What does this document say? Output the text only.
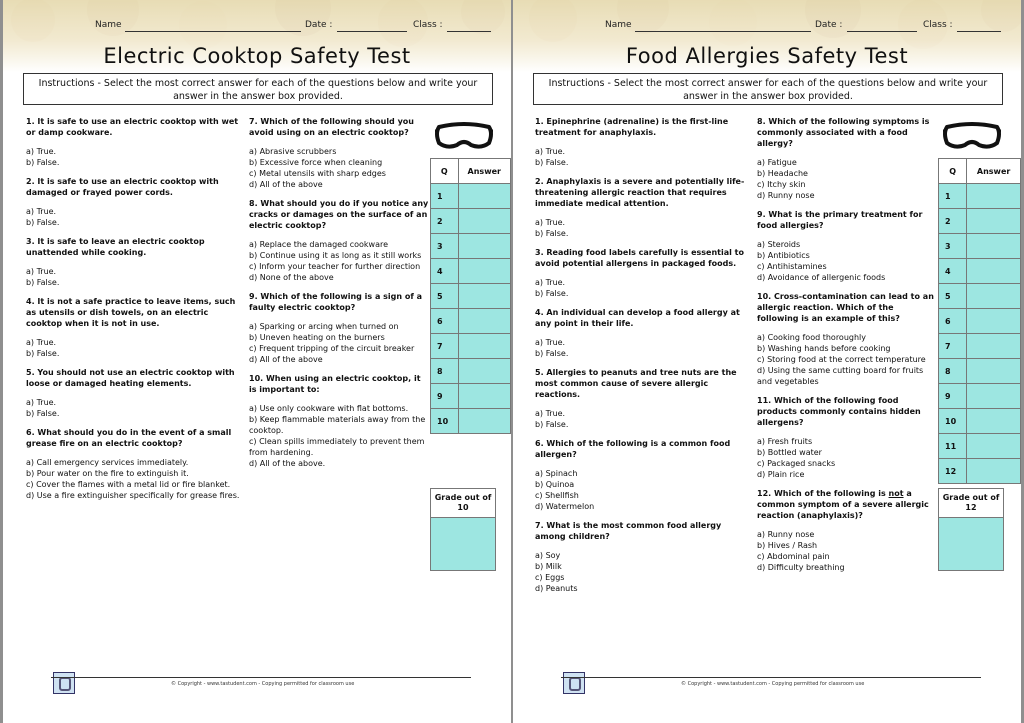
Name	Date :	Class :
Electric Cooktop Safety Test
Instructions - Select the most correct answer for each of the questions below and write your answer in the answer box provided.

1. It is safe to use an electric cooktop with wet or damp cookware.

a) True.

b) False.

2. It is safe to use an electric cooktop with damaged or frayed power cords.

a) True.

b) False.

3. It is safe to leave an electric cooktop unattended while cooking.

a) True.

b) False.

4. It is not a safe practice to leave items, such as utensils or dish towels, on an electric cooktop when it is not in use.

a) True.

b) False.

5. You should not use an electric cooktop with loose or damaged heating elements.

a) True.

b) False.

6. What should you do in the event of a small grease fire on an electric cooktop?

a) Call emergency services immediately.

b) Pour water on the fire to extinguish it.

c) Cover the flames with a metal lid or fire blanket.

d) Use a fire extinguisher specifically for grease fires.

7. Which of the following should you avoid using on an electric cooktop?

a) Abrasive scrubbers

b) Excessive force when cleaning

c) Metal utensils with sharp edges

d) All of the above

8. What should you do if you notice any cracks or damages on the surface of an electric cooktop?

a) Replace the damaged cookware

b) Continue using it as long as it still works

c) Inform your teacher for further direction

d) None of the above

9. Which of the following is a sign of a faulty electric cooktop?

a) Sparking or arcing when turned on

b) Uneven heating on the burners

c) Frequent tripping of the circuit breaker

d) All of the above

10. When using an electric cooktop, it is important to:

a) Use only cookware with flat bottoms.

b) Keep flammable materials away from the cooktop.

c) Clean spills immediately to prevent them from hardening.

d) All of the above.

Q	Answer
1	
2	
3	
4	
5	
6	
7	
8	
9	
10	
Grade out of
10
© Copyright - www.tastudent.com - Copying permitted for classroom use
Name	Date :	Class :
Food Allergies Safety Test
Instructions - Select the most correct answer for each of the questions below and write your answer in the answer box provided.

1. Epinephrine (adrenaline) is the first-line treatment for anaphylaxis.

a) True.

b) False.

2. Anaphylaxis is a severe and potentially life-threatening allergic reaction that requires immediate medical attention.

a) True.

b) False.

3. Reading food labels carefully is essential to avoid potential allergens in packaged foods.

a) True.

b) False.

4. An individual can develop a food allergy at any point in their life.

a) True.

b) False.

5. Allergies to peanuts and tree nuts are the most common cause of severe allergic reactions.

a) True.

b) False.

6. Which of the following is a common food allergen?

a) Spinach

b) Quinoa

c) Shellfish

d) Watermelon

7. What is the most common food allergy among children?

a) Soy

b) Milk

c) Eggs

d) Peanuts

8. Which of the following symptoms is commonly associated with a food allergy?

a) Fatigue

b) Headache

c) Itchy skin

d) Runny nose

9. What is the primary treatment for food allergies?

a) Steroids

b) Antibiotics

c) Antihistamines

d) Avoidance of allergenic foods

10. Cross-contamination can lead to an allergic reaction. Which of the following is an example of this?

a) Cooking food thoroughly

b) Washing hands before cooking

c) Storing food at the correct temperature

d) Using the same cutting board for fruits and vegetables

11. Which of the following food products commonly contains hidden allergens?

a) Fresh fruits

b) Bottled water

c) Packaged snacks

d) Plain rice

12. Which of the following is not a common symptom of a severe allergic reaction (anaphylaxis)?

a) Runny nose

b) Hives / Rash

c) Abdominal pain

d) Difficulty breathing

Q	Answer
1	
2	
3	
4	
5	
6	
7	
8	
9	
10	
11	
12	
Grade out of
12
© Copyright - www.tastudent.com - Copying permitted for classroom use
